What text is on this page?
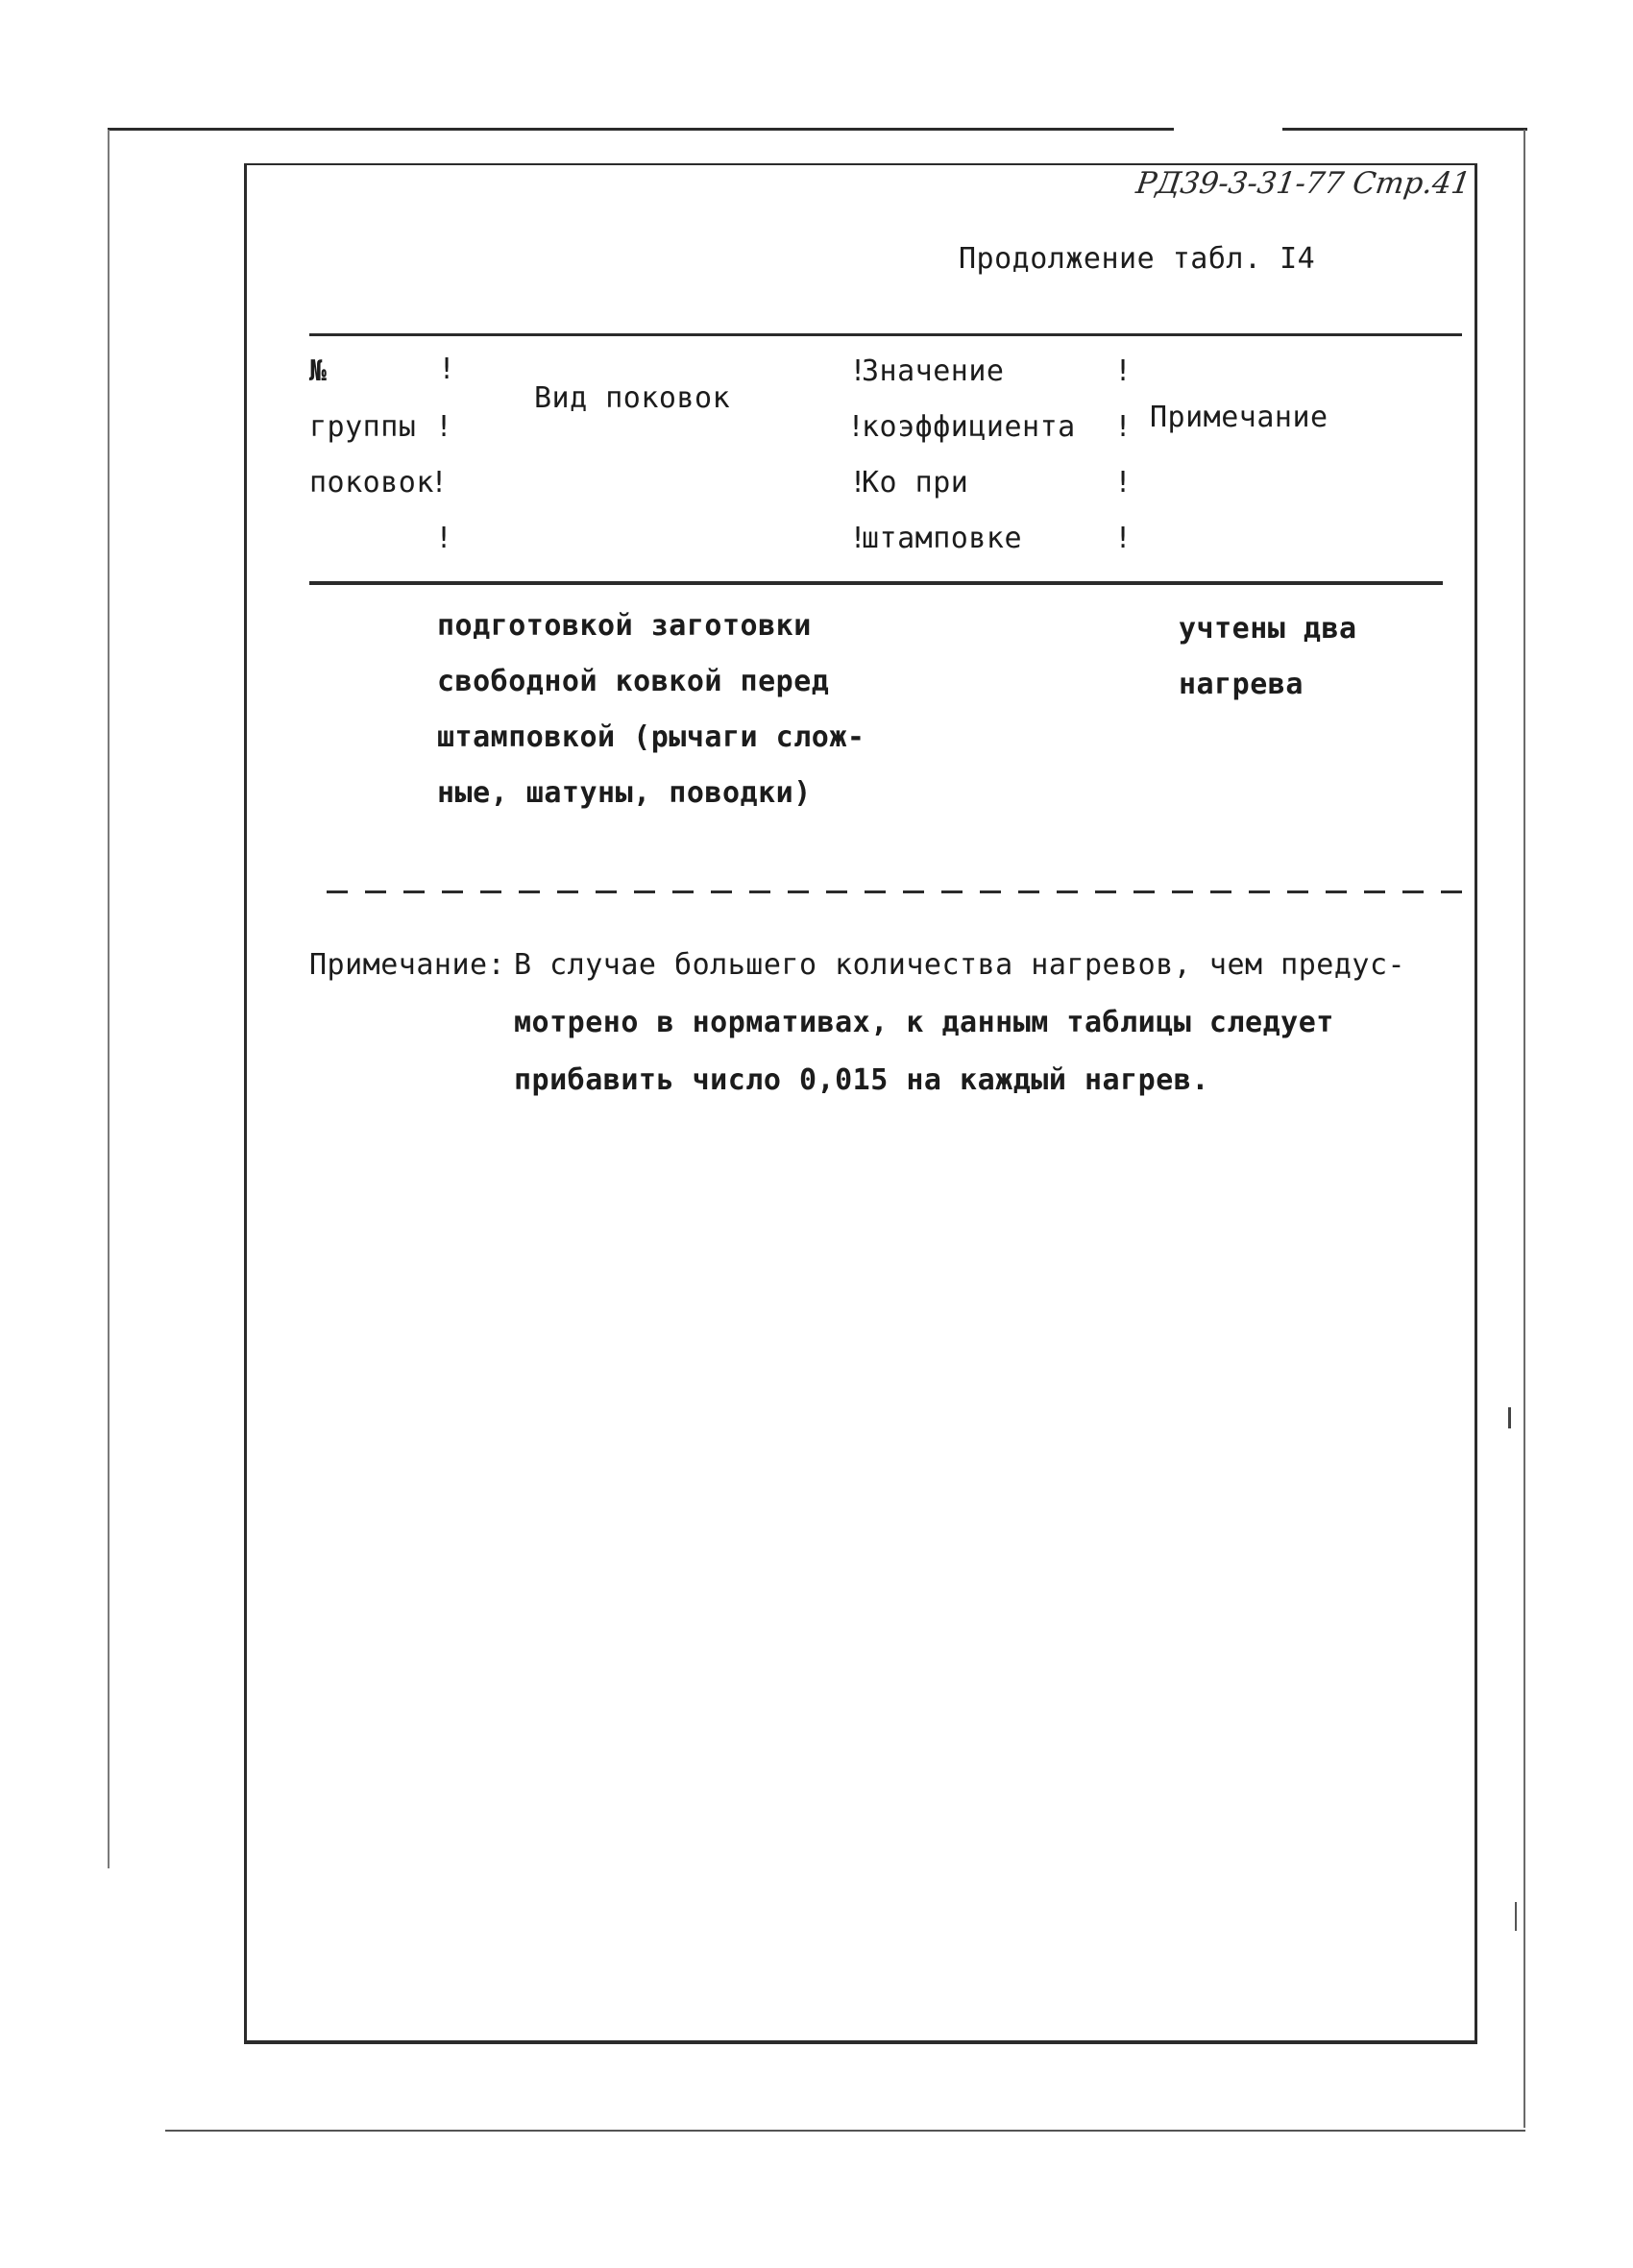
РД39-3-31-77 Стр.41
Продолжение табл. I4
№
группы
поковок
!
!
!
!
Вид поковок
!
!
!
!
Значение
коэффициента
Ко при
штамповке
!
!
!
!
Примечание
подготовкой заготовки
свободной ковкой перед
штамповкой (рычаги слож-
ные, шатуны, поводки)
учтены два
нагрева
Примечание: В случае большего количества нагревов, чем предус-
мотрено в нормативах, к данным таблицы следует
прибавить число 0,015 на каждый нагрев.
